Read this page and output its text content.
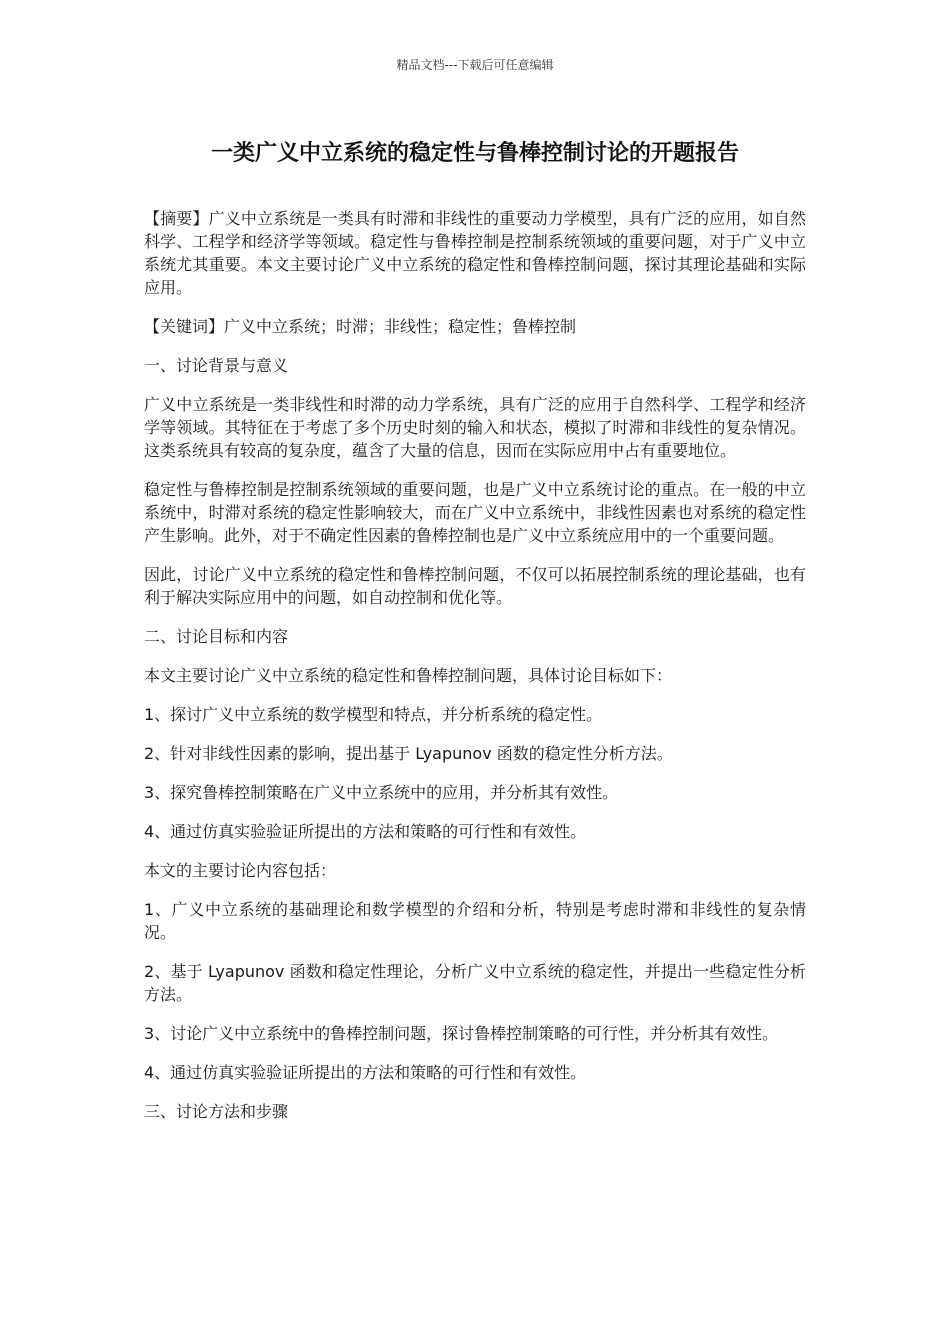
精品文档---下载后可任意编辑
一类广义中立系统的稳定性与鲁棒控制讨论的开题报告

【摘要】广义中立系统是一类具有时滞和非线性的重要动力学模型，具有广泛的应用，如自然科学、工程学和经济学等领域。稳定性与鲁棒控制是控制系统领域的重要问题，对于广义中立系统尤其重要。本文主要讨论广义中立系统的稳定性和鲁棒控制问题，探讨其理论基础和实际应用。

【关键词】广义中立系统；时滞；非线性；稳定性；鲁棒控制

一、讨论背景与意义

广义中立系统是一类非线性和时滞的动力学系统，具有广泛的应用于自然科学、工程学和经济学等领域。其特征在于考虑了多个历史时刻的输入和状态，模拟了时滞和非线性的复杂情况。这类系统具有较高的复杂度，蕴含了大量的信息，因而在实际应用中占有重要地位。

稳定性与鲁棒控制是控制系统领域的重要问题，也是广义中立系统讨论的重点。在一般的中立系统中，时滞对系统的稳定性影响较大，而在广义中立系统中，非线性因素也对系统的稳定性产生影响。此外，对于不确定性因素的鲁棒控制也是广义中立系统应用中的一个重要问题。

因此，讨论广义中立系统的稳定性和鲁棒控制问题，不仅可以拓展控制系统的理论基础，也有利于解决实际应用中的问题，如自动控制和优化等。

二、讨论目标和内容

本文主要讨论广义中立系统的稳定性和鲁棒控制问题，具体讨论目标如下：

1、探讨广义中立系统的数学模型和特点，并分析系统的稳定性。

2、针对非线性因素的影响，提出基于 Lyapunov 函数的稳定性分析方法。

3、探究鲁棒控制策略在广义中立系统中的应用，并分析其有效性。

4、通过仿真实验验证所提出的方法和策略的可行性和有效性。

本文的主要讨论内容包括：

1、广义中立系统的基础理论和数学模型的介绍和分析，特别是考虑时滞和非线性的复杂情况。

2、基于 Lyapunov 函数和稳定性理论，分析广义中立系统的稳定性，并提出一些稳定性分析方法。

3、讨论广义中立系统中的鲁棒控制问题，探讨鲁棒控制策略的可行性，并分析其有效性。

4、通过仿真实验验证所提出的方法和策略的可行性和有效性。

三、讨论方法和步骤
